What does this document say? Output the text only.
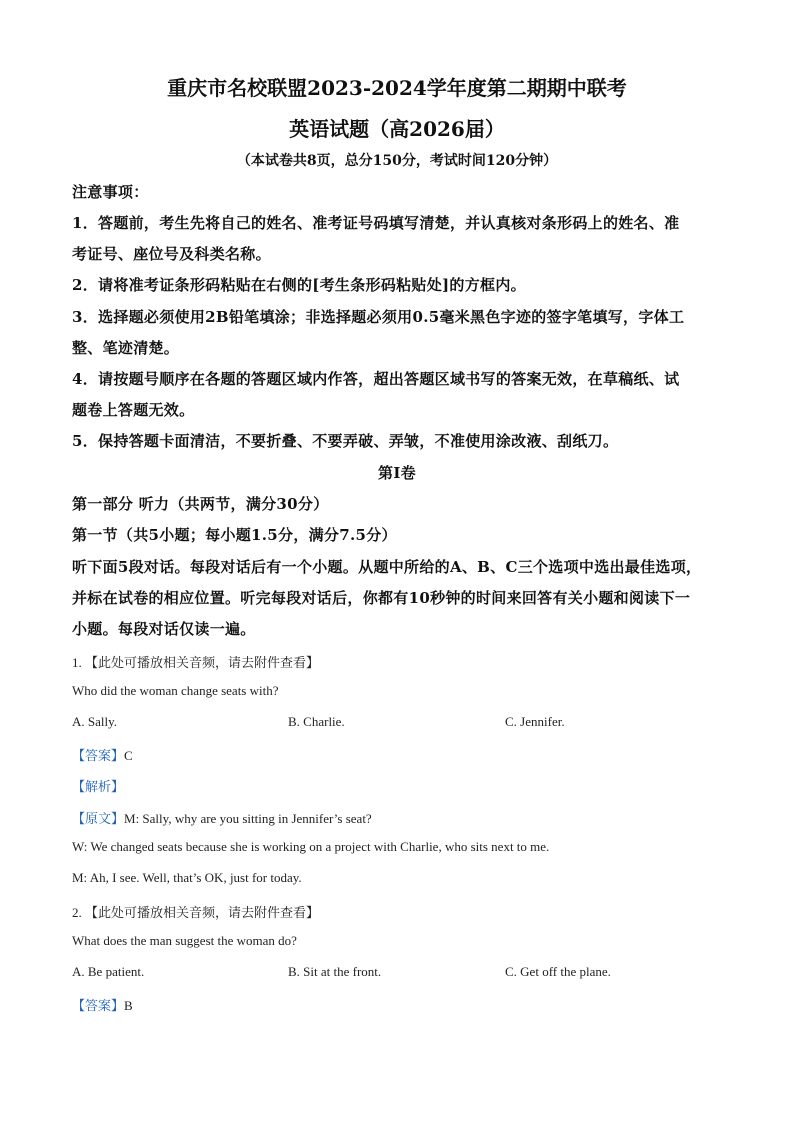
重庆市名校联盟2023-2024学年度第二期期中联考
英语试题（高2026届）
（本试卷共8页，总分150分，考试时间120分钟）
注意事项：
1．答题前，考生先将自己的姓名、准考证号码填写清楚，并认真核对条形码上的姓名、准
考证号、座位号及科类名称。
2．请将准考证条形码粘贴在右侧的[考生条形码粘贴处]的方框内。
3．选择题必须使用2B铅笔填涂；非选择题必须用0.5毫米黑色字迹的签字笔填写，字体工
整、笔迹清楚。
4．请按题号顺序在各题的答题区域内作答，超出答题区域书写的答案无效，在草稿纸、试
题卷上答题无效。
5．保持答题卡面清洁，不要折叠、不要弄破、弄皱，不准使用涂改液、刮纸刀。
第Ⅰ卷
第一部分 听力（共两节，满分30分）
第一节（共5小题；每小题1.5分，满分7.5分）
听下面5段对话。每段对话后有一个小题。从题中所给的A、B、C三个选项中选出最佳选项，
并标在试卷的相应位置。听完每段对话后，你都有10秒钟的时间来回答有关小题和阅读下一
小题。每段对话仅读一遍。
1. 【此处可播放相关音频，请去附件查看】
Who did the woman change seats with?
A. Sally.	B. Charlie.	C. Jennifer.
【答案】C
【解析】
【原文】M: Sally, why are you sitting in Jennifer’s seat?
W: We changed seats because she is working on a project with Charlie, who sits next to me.
M: Ah, I see. Well, that’s OK, just for today.
2. 【此处可播放相关音频，请去附件查看】
What does the man suggest the woman do?
A. Be patient.	B. Sit at the front.	C. Get off the plane.
【答案】B
